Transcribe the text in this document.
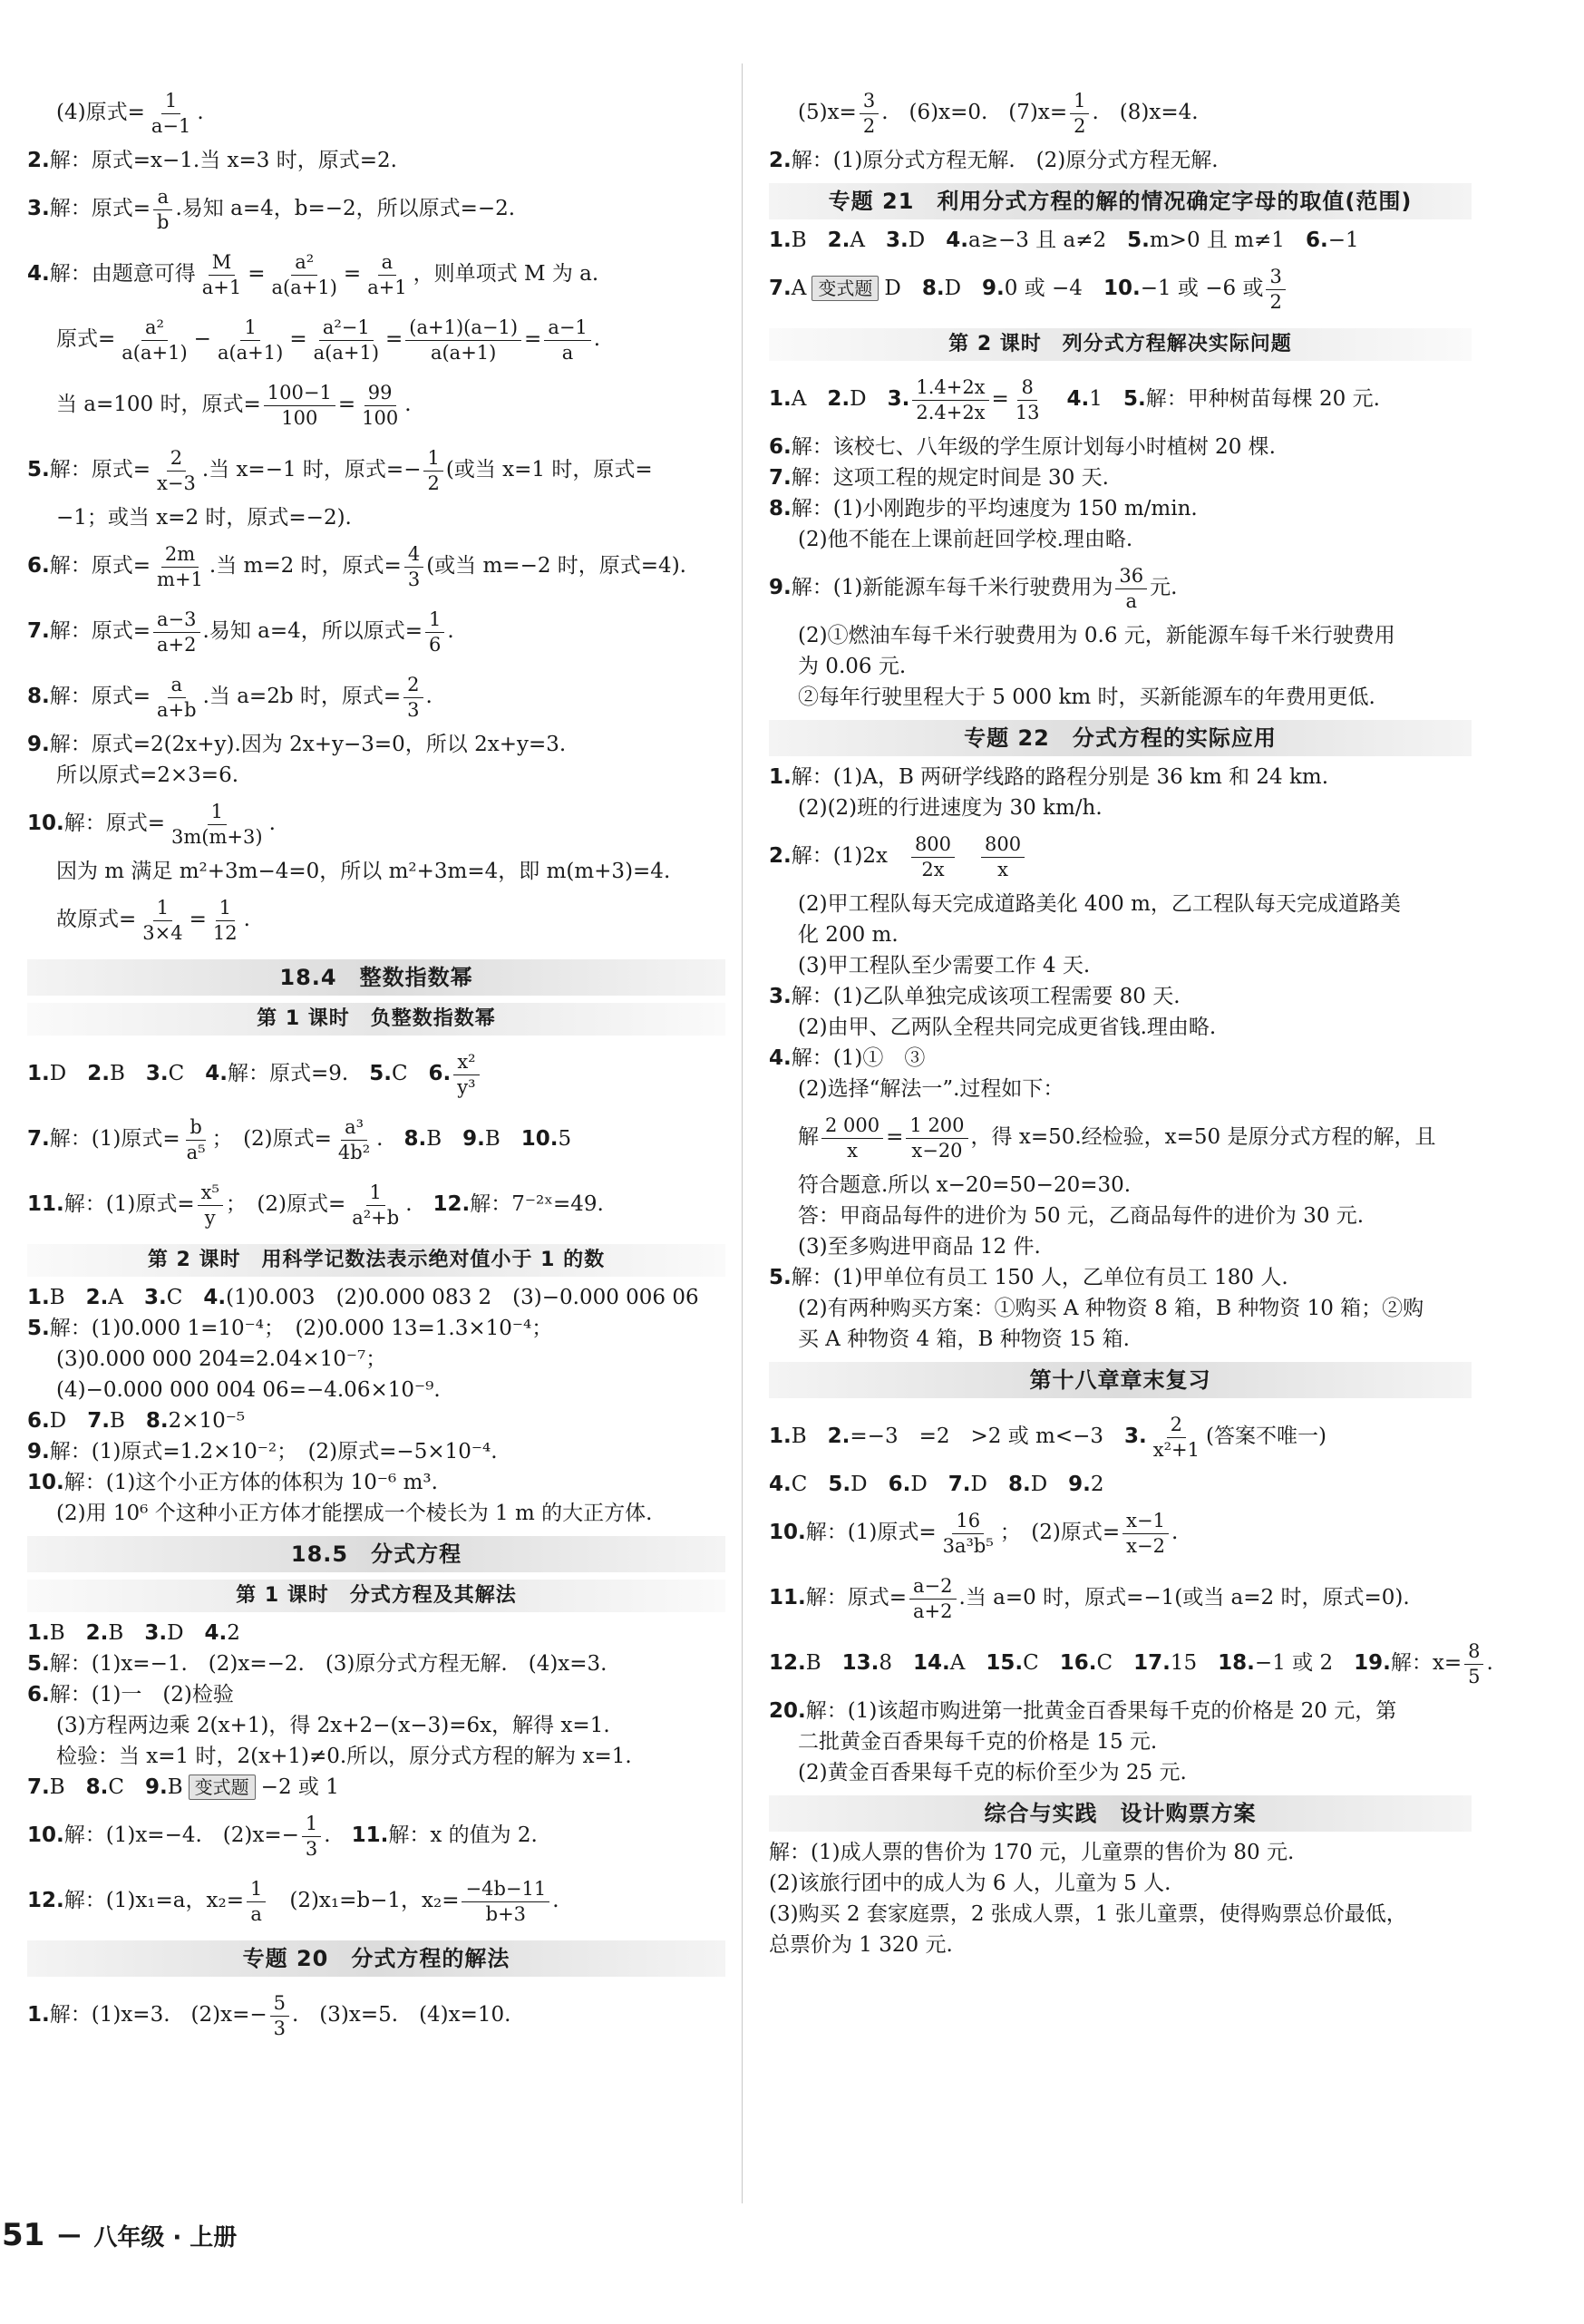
(4)原式= $\frac{1}{a-1}$ .
2.解：原式=x−1.当 x=3 时，原式=2.
3.解：原式= $\frac{a}{b}$ .易知 a=4，b=−2，所以原式=−2.
4.解：由题意可得 $\frac{M}{a+1} = \frac{\text{a²}}{a(a+1)} = \frac{a}{a+1}$ ，则单项式 M 为 a.
原式= $\frac{\text{a²}}{a(a+1)} - \frac{1}{a(a+1)} = \frac{\text{a²−1}}{a(a+1)} = \frac{(a+1)(a-1)}{a(a+1)} = \frac{a-1}{a}$ .
当 a=100 时，原式= $\frac{100-1}{100} = \frac{99}{100}$ .
5.解：原式= $\frac{2}{x-3}$ .当 x=−1 时，原式=− $\frac{1}{2}$ (或当 x=1 时，原式=
−1；或当 x=2 时，原式=−2).
6.解：原式= $\frac{2m}{m+1}$ .当 m=2 时，原式= $\frac{4}{3}$ (或当 m=−2 时，原式=4).
7.解：原式= $\frac{a-3}{a+2}$ .易知 a=4，所以原式= $\frac{1}{6}$ .
8.解：原式= $\frac{a}{a+b}$ .当 a=2b 时，原式= $\frac{2}{3}$ .
9.解：原式=2(2x+y).因为 2x+y−3=0，所以 2x+y=3.
所以原式=2×3=6.
10.解：原式= $\frac{1}{3m(m+3)}$ .
因为 m 满足 m²+3m−4=0，所以 m²+3m=4，即 m(m+3)=4.
故原式= $\frac{1}{3\times 4} = \frac{1}{12}$ .
18.4　整数指数幂
第 1 课时　负整数指数幂
1.D　2.B　3.C　4.解：原式=9.　5.C　6. $\frac{\text{x²}}{\text{y³}}$
7.解：(1)原式= $\frac{b}{\text{a⁵}}$ ；　(2)原式= $\frac{\text{a³}}{\text{4b²}}$ .　8.B　9.B　10.5
11.解：(1)原式= $\frac{\text{x⁵}}{y}$ ；　(2)原式= $\frac{1}{\text{a²+b}}$ .　12.解：7⁻²ˣ=49.
第 2 课时　用科学记数法表示绝对值小于 1 的数
1.B　2.A　3.C　4.(1)0.003　(2)0.000 083 2　(3)−0.000 006 06
5.解：(1)0.000 1=10⁻⁴；　(2)0.000 13=1.3×10⁻⁴；
(3)0.000 000 204=2.04×10⁻⁷；
(4)−0.000 000 004 06=−4.06×10⁻⁹.
6.D　7.B　8.2×10⁻⁵
9.解：(1)原式=1.2×10⁻²；　(2)原式=−5×10⁻⁴.
10.解：(1)这个小正方体的体积为 10⁻⁶ m³.
(2)用 10⁶ 个这种小正方体才能摆成一个棱长为 1 m 的大正方体.
18.5　分式方程
第 1 课时　分式方程及其解法
1.B　2.B　3.D　4.2
5.解：(1)x=−1.　(2)x=−2.　(3)原分式方程无解.　(4)x=3.
6.解：(1)一　(2)检验
(3)方程两边乘 2(x+1)，得 2x+2−(x−3)=6x，解得 x=1.
检验：当 x=1 时，2(x+1)≠0.所以，原分式方程的解为 x=1.
7.B　8.C　9.B 变式题 −2 或 1
10.解：(1)x=−4.　$(2)x=- \frac{1}{3}$ .　11.解：x 的值为 2.
12.解：(1)x₁=a，$x_2= \frac{1}{a}$ 　(2)x₁=b−1，$x_2= \frac{-4b-11}{b+3}$ .
专题 20　分式方程的解法
1.解：(1)x=3.　$(2)x=- \frac{5}{3}$ .　(3)x=5.　(4)x=10.
$(5)x= \frac{3}{2}$ .　(6)x=0.　$(7)x= \frac{1}{2}$ .　(8)x=4.
2.解：(1)原分式方程无解.　(2)原分式方程无解.
专题 21　利用分式方程的解的情况确定字母的取值(范围)
1.B　2.A　3.D　4.a≥−3 且 a≠2　5.m>0 且 m≠1　6.−1
7.A 变式题 D　8.D　9.0 或 −4　10.−1 或 −6 或 $\frac{3}{2}$
第 2 课时　列分式方程解决实际问题
1.A　2.D　3. $\frac{1.4+2x}{2.4+2x} = \frac{8}{13}$
　 4.1　5.解：甲种树苗每棵 20 元.
6.解：该校七、八年级的学生原计划每小时植树 20 棵.
7.解：这项工程的规定时间是 30 天.
8.解：(1)小刚跑步的平均速度为 150 m/min.
(2)他不能在上课前赶回学校.理由略.
9.解：(1)新能源车每千米行驶费用为 $\frac{36}{a}$ 元.
(2)①燃油车每千米行驶费用为 0.6 元，新能源车每千米行驶费用
为 0.06 元.
②每年行驶里程大于 5 000 km 时，买新能源车的年费用更低.
专题 22　分式方程的实际应用
1.解：(1)A，B 两研学线路的路程分别是 36 km 和 24 km.
(2)(2)班的行进速度为 30 km/h.
2.解：(1)2x　 $\frac{800}{2x}$
　 $\frac{800}{x}$
(2)甲工程队每天完成道路美化 400 m，乙工程队每天完成道路美
化 200 m.
(3)甲工程队至少需要工作 4 天.
3.解：(1)乙队单独完成该项工程需要 80 天.
(2)由甲、乙两队全程共同完成更省钱.理由略.
4.解：(1)①　③
(2)选择“解法一”.过程如下：
解 $\frac{2 000}{x} = \frac{1 200}{x-20}$ ，得 x=50.经检验，x=50 是原分式方程的解，且
符合题意.所以 x−20=50−20=30.
答：甲商品每件的进价为 50 元，乙商品每件的进价为 30 元.
(3)至多购进甲商品 12 件.
5.解：(1)甲单位有员工 150 人，乙单位有员工 180 人.
(2)有两种购买方案：①购买 A 种物资 8 箱，B 种物资 10 箱；②购
买 A 种物资 4 箱，B 种物资 15 箱.
第十八章章末复习
1.B　2.=−3　=2　>2 或 m<−3　3. $\frac{2}{\text{x²+1}}$ (答案不唯一)
4.C　5.D　6.D　7.D　8.D　9.2
10.解：(1)原式= $\frac{16}{\text{3a³b⁵}}$ ；　(2)原式= $\frac{x-1}{x-2}$ .
11.解：原式= $\frac{a-2}{a+2}$ .当 a=0 时，原式=−1(或当 a=2 时，原式=0).
12.B　13.8　14.A　15.C　16.C　17.15　18.−1 或 2　19.解：$x= \frac{8}{5}$ .
20.解：(1)该超市购进第一批黄金百香果每千克的价格是 20 元，第
二批黄金百香果每千克的价格是 15 元.
(2)黄金百香果每千克的标价至少为 25 元.
综合与实践　设计购票方案
解：(1)成人票的售价为 170 元，儿童票的售价为 80 元.
(2)该旅行团中的成人为 6 人，儿童为 5 人.
(3)购买 2 套家庭票，2 张成人票，1 张儿童票，使得购票总价最低，
总票价为 1 320 元.
51 — 八年级 · 上册
